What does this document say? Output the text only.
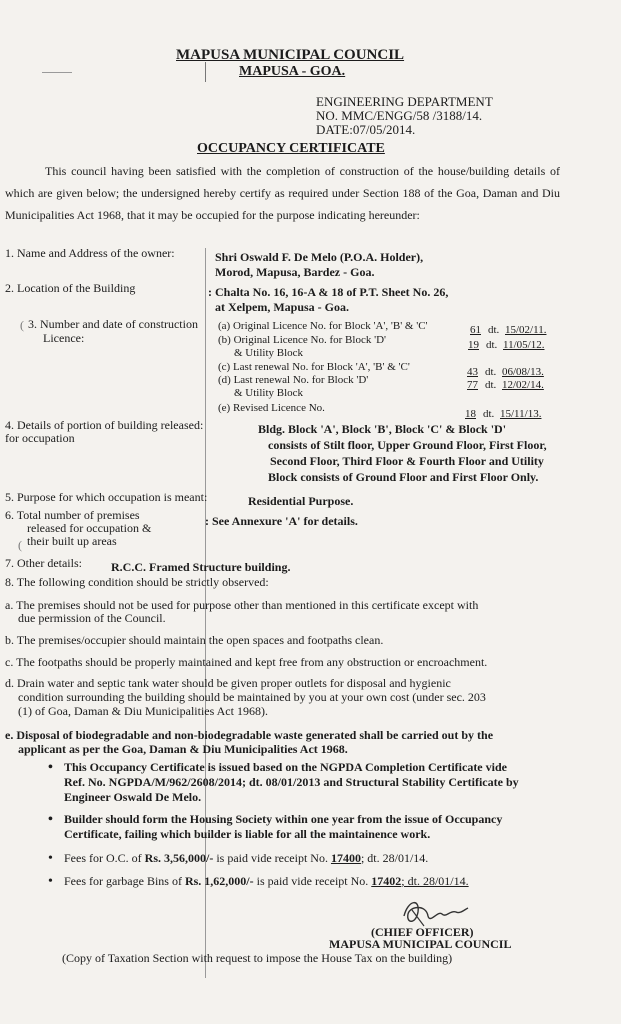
MAPUSA MUNICIPAL COUNCIL
MAPUSA - GOA.
ENGINEERING DEPARTMENT
NO. MMC/ENGG/58 /3188/14.
DATE:07/05/2014.
OCCUPANCY CERTIFICATE
This council having been satisfied with the completion of construction of the house/building details of which are given below; the undersigned hereby certify as required under Section 188 of the Goa, Daman and Diu Municipalities Act 1968, that it may be occupied for the purpose indicating hereunder:
1. Name and Address of the owner:	Shri Oswald F. De Melo (P.O.A. Holder),
Morod, Mapusa, Bardez - Goa.
2. Location of the Building	: Chalta No. 16, 16-A & 18 of P.T. Sheet No. 26,
at Xelpem, Mapusa - Goa.
3. Number and date of construction
Licence:
(a) Original Licence No. for Block 'A', 'B' & 'C'	61 dt. 15/02/11.
(b) Original Licence No. for Block 'D'
& Utility Block
19 dt. 11/05/12.
(c) Last renewal No. for Block 'A', 'B' & 'C'	43 dt. 06/08/13.
(d) Last renewal No. for Block 'D'
& Utility Block
77 dt. 12/02/14.
(e) Revised Licence No.	18 dt. 15/11/13.
4. Details of portion of building released:
for occupation
Bldg. Block 'A', Block 'B', Block 'C' & Block 'D'
consists of Stilt floor, Upper Ground Floor, First Floor,
Second Floor, Third Floor & Fourth Floor and Utility
Block consists of Ground Floor and First Floor Only.
5. Purpose for which occupation is meant:	Residential Purpose.
6. Total number of premises
released for occupation &
their built up areas
: See Annexure 'A' for details.
7. Other details: R.C.C. Framed Structure building.
8. The following condition should be strictly observed:
a. The premises should not be used for purpose other than mentioned in this certificate except with
due permission of the Council.
b. The premises/occupier should maintain the open spaces and footpaths clean.
c. The footpaths should be properly maintained and kept free from any obstruction or encroachment.
d. Drain water and septic tank water should be given proper outlets for disposal and hygienic
condition surrounding the building should be maintained by you at your own cost (under sec. 203
(1) of Goa, Daman & Diu Municipalities Act 1968).
e. Disposal of biodegradable and non-biodegradable waste generated shall be carried out by the
applicant as per the Goa, Daman & Diu Municipalities Act 1968.
• This Occupancy Certificate is issued based on the NGPDA Completion Certificate vide
Ref. No. NGPDA/M/962/2608/2014; dt. 08/01/2013 and Structural Stability Certificate by
Engineer Oswald De Melo.
• Builder should form the Housing Society within one year from the issue of Occupancy
Certificate, failing which builder is liable for all the maintainence work.
• Fees for O.C. of Rs. 3,56,000/- is paid vide receipt No. 17400; dt. 28/01/14.
• Fees for garbage Bins of Rs. 1,62,000/- is paid vide receipt No. 17402; dt. 28/01/14.
(CHIEF OFFICER)
MAPUSA MUNICIPAL COUNCIL
(Copy of Taxation Section with request to impose the House Tax on the building)
(
(
